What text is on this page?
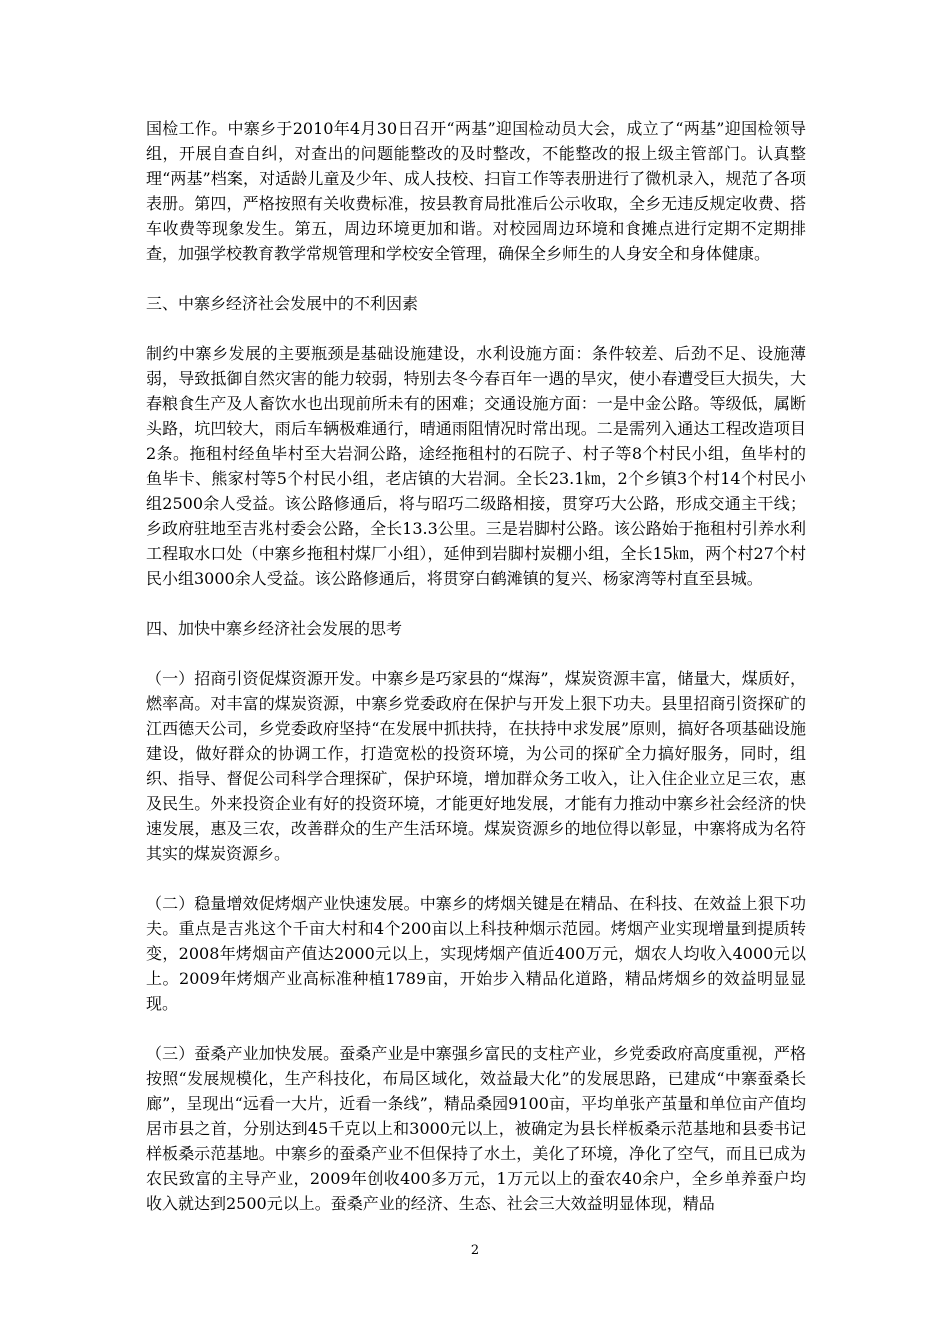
国检工作。中寨乡于2010年4月30日召开“两基”迎国检动员大会，成立了“两基”迎国检领导组，开展自查自纠，对查出的问题能整改的及时整改，不能整改的报上级主管部门。认真整理“两基”档案，对适龄儿童及少年、成人技校、扫盲工作等表册进行了微机录入，规范了各项表册。第四，严格按照有关收费标准，按县教育局批准后公示收取，全乡无违反规定收费、搭车收费等现象发生。第五，周边环境更加和谐。对校园周边环境和食摊点进行定期不定期排查，加强学校教育教学常规管理和学校安全管理，确保全乡师生的人身安全和身体健康。

三、中寨乡经济社会发展中的不利因素

制约中寨乡发展的主要瓶颈是基础设施建设，水利设施方面：条件较差、后劲不足、设施薄弱，导致抵御自然灾害的能力较弱，特别去冬今春百年一遇的旱灾，使小春遭受巨大损失，大春粮食生产及人畜饮水也出现前所未有的困难；交通设施方面：一是中金公路。等级低，属断头路，坑凹较大，雨后车辆极难通行，晴通雨阻情况时常出现。二是需列入通达工程改造项目2条。拖租村经鱼毕村至大岩洞公路，途经拖租村的石院子、村子等8个村民小组，鱼毕村的鱼毕卡、熊家村等5个村民小组，老店镇的大岩洞。全长23.1㎞，2个乡镇3个村14个村民小组2500余人受益。该公路修通后，将与昭巧二级路相接，贯穿巧大公路，形成交通主干线；乡政府驻地至吉兆村委会公路，全长13.3公里。三是岩脚村公路。该公路始于拖租村引养水利工程取水口处（中寨乡拖租村煤厂小组），延伸到岩脚村炭棚小组，全长15㎞，两个村27个村民小组3000余人受益。该公路修通后，将贯穿白鹤滩镇的复兴、杨家湾等村直至县城。

四、加快中寨乡经济社会发展的思考

（一）招商引资促煤资源开发。中寨乡是巧家县的“煤海”，煤炭资源丰富，储量大，煤质好，燃率高。对丰富的煤炭资源，中寨乡党委政府在保护与开发上狠下功夫。县里招商引资探矿的江西德天公司，乡党委政府坚持“在发展中抓扶持，在扶持中求发展”原则，搞好各项基础设施建设，做好群众的协调工作，打造宽松的投资环境，为公司的探矿全力搞好服务，同时，组织、指导、督促公司科学合理探矿，保护环境，增加群众务工收入，让入住企业立足三农，惠及民生。外来投资企业有好的投资环境，才能更好地发展，才能有力推动中寨乡社会经济的快速发展，惠及三农，改善群众的生产生活环境。煤炭资源乡的地位得以彰显，中寨将成为名符其实的煤炭资源乡。

（二）稳量增效促烤烟产业快速发展。中寨乡的烤烟关键是在精品、在科技、在效益上狠下功夫。重点是吉兆这个千亩大村和4个200亩以上科技种烟示范园。烤烟产业实现增量到提质转变，2008年烤烟亩产值达2000元以上，实现烤烟产值近400万元，烟农人均收入4000元以上。2009年烤烟产业高标准种植1789亩，开始步入精品化道路，精品烤烟乡的效益明显显现。

（三）蚕桑产业加快发展。蚕桑产业是中寨强乡富民的支柱产业，乡党委政府高度重视，严格按照“发展规模化，生产科技化，布局区域化，效益最大化”的发展思路，已建成“中寨蚕桑长廊”，呈现出“远看一大片，近看一条线”，精品桑园9100亩，平均单张产茧量和单位亩产值均居市县之首，分别达到45千克以上和3000元以上，被确定为县长样板桑示范基地和县委书记样板桑示范基地。中寨乡的蚕桑产业不但保持了水土，美化了环境，净化了空气，而且已成为农民致富的主导产业，2009年创收400多万元，1万元以上的蚕农40余户，全乡单养蚕户均收入就达到2500元以上。蚕桑产业的经济、生态、社会三大效益明显体现，精品

2
